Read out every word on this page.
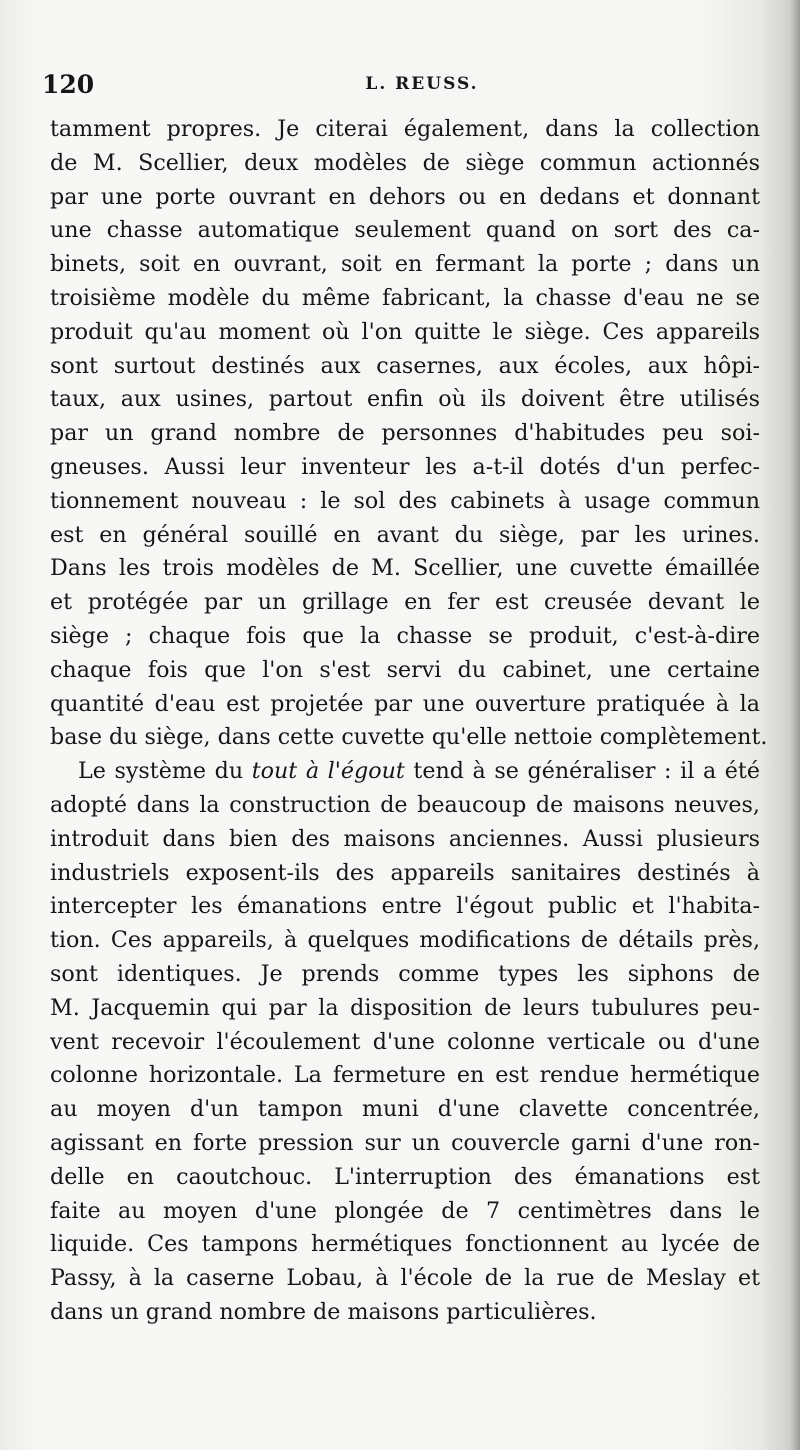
120	L. REUSS.

tamment propres. Je citerai également, dans la collection
de M. Scellier, deux modèles de siège commun actionnés
par une porte ouvrant en dehors ou en dedans et donnant
une chasse automatique seulement quand on sort des ca-
binets, soit en ouvrant, soit en fermant la porte ; dans un
troisième modèle du même fabricant, la chasse d'eau ne se
produit qu'au moment où l'on quitte le siège. Ces appareils
sont surtout destinés aux casernes, aux écoles, aux hôpi-
taux, aux usines, partout enfin où ils doivent être utilisés
par un grand nombre de personnes d'habitudes peu soi-
gneuses. Aussi leur inventeur les a-t-il dotés d'un perfec-
tionnement nouveau : le sol des cabinets à usage commun
est en général souillé en avant du siège, par les urines.
Dans les trois modèles de M. Scellier, une cuvette émaillée
et protégée par un grillage en fer est creusée devant le
siège ; chaque fois que la chasse se produit, c'est-à-dire
chaque fois que l'on s'est servi du cabinet, une certaine
quantité d'eau est projetée par une ouverture pratiquée à la
base du siège, dans cette cuvette qu'elle nettoie complètement.

Le système du tout à l'égout tend à se généraliser : il a été
adopté dans la construction de beaucoup de maisons neuves,
introduit dans bien des maisons anciennes. Aussi plusieurs
industriels exposent-ils des appareils sanitaires destinés à
intercepter les émanations entre l'égout public et l'habita-
tion. Ces appareils, à quelques modifications de détails près,
sont identiques. Je prends comme types les siphons de
M. Jacquemin qui par la disposition de leurs tubulures peu-
vent recevoir l'écoulement d'une colonne verticale ou d'une
colonne horizontale. La fermeture en est rendue hermétique
au moyen d'un tampon muni d'une clavette concentrée,
agissant en forte pression sur un couvercle garni d'une ron-
delle en caoutchouc. L'interruption des émanations est
faite au moyen d'une plongée de 7 centimètres dans le
liquide. Ces tampons hermétiques fonctionnent au lycée de
Passy, à la caserne Lobau, à l'école de la rue de Meslay et
dans un grand nombre de maisons particulières.
